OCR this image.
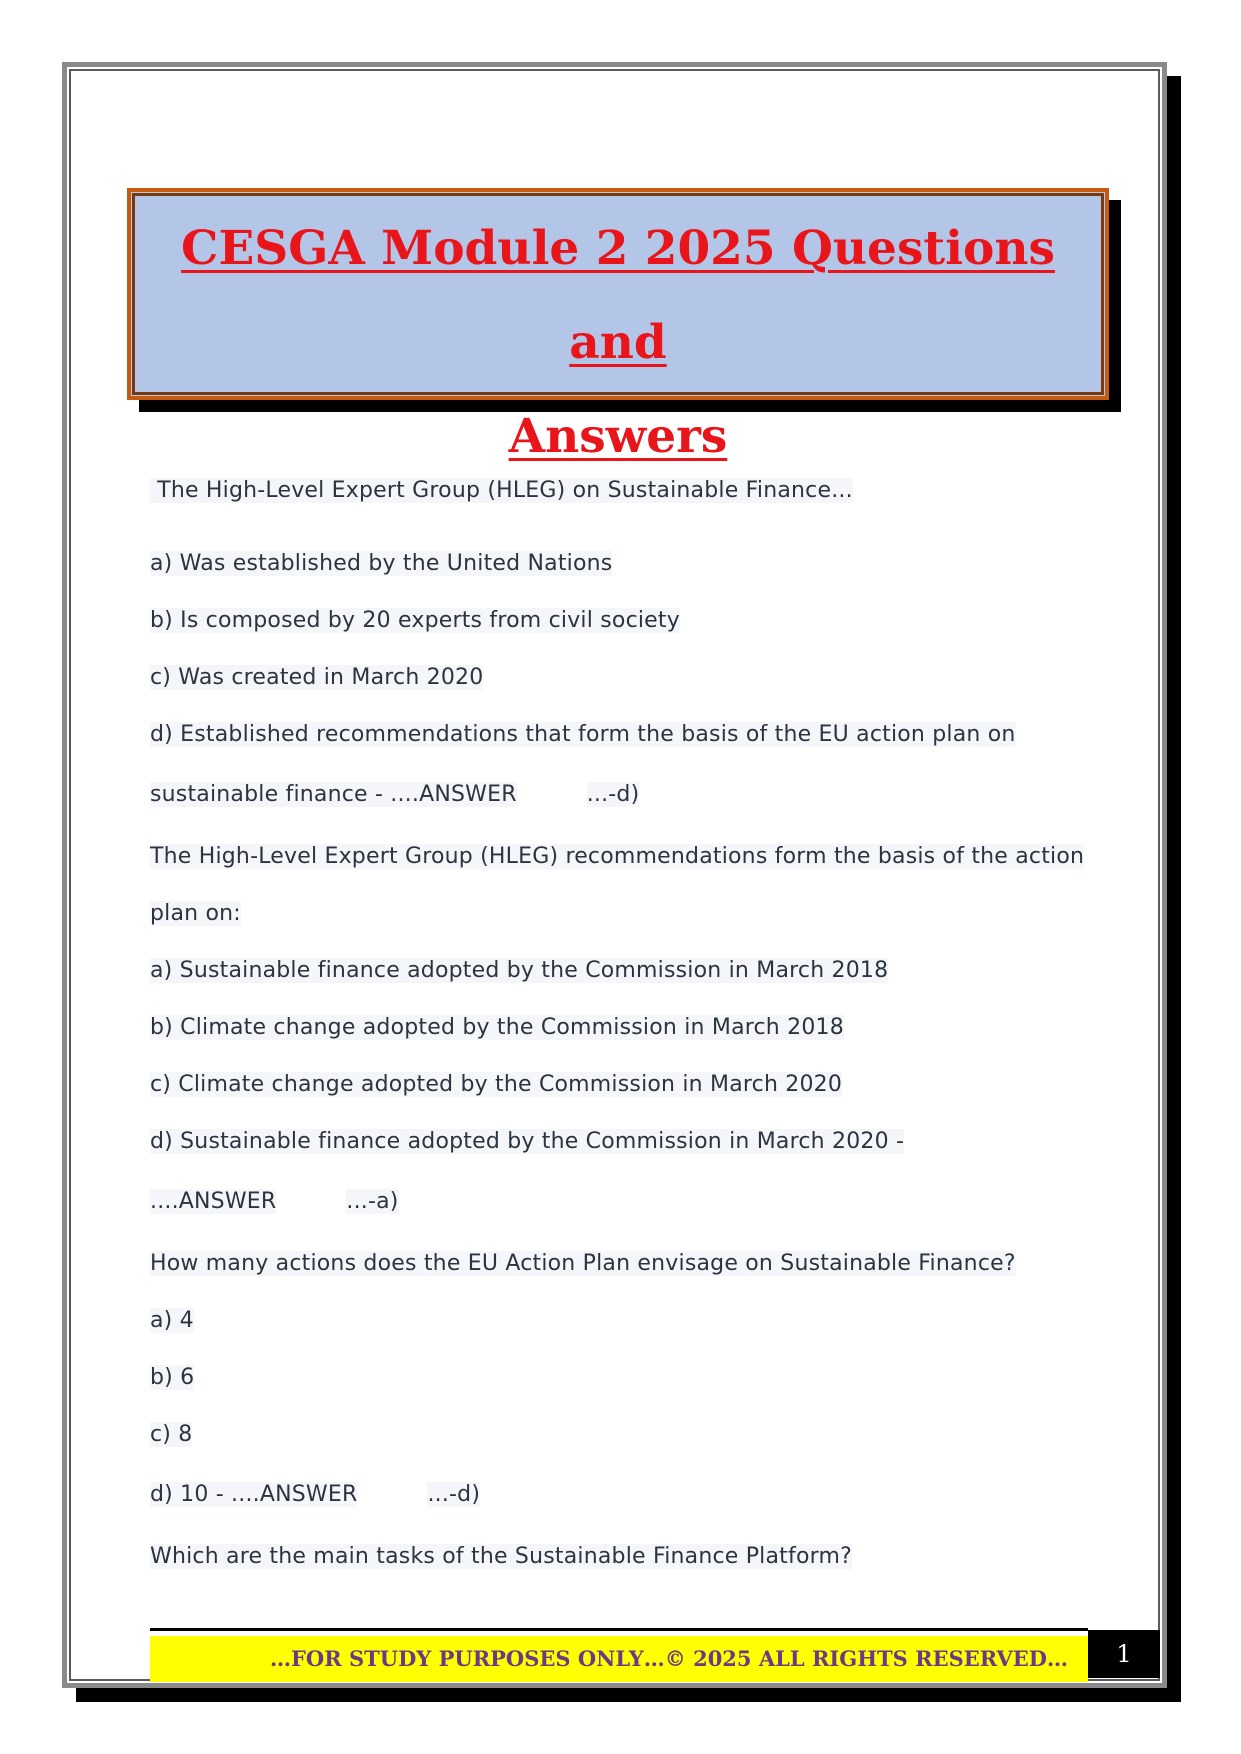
CESGA Module 2 2025 Questions and
Answers
The High-Level Expert Group (HLEG) on Sustainable Finance...
a) Was established by the United Nations
b) Is composed by 20 experts from civil society
c) Was created in March 2020
d) Established recommendations that form the basis of the EU action plan on
sustainable finance - ....ANSWER	...-d)
The High-Level Expert Group (HLEG) recommendations form the basis of the action
plan on:
a) Sustainable finance adopted by the Commission in March 2018
b) Climate change adopted by the Commission in March 2018
c) Climate change adopted by the Commission in March 2020
d) Sustainable finance adopted by the Commission in March 2020 -
....ANSWER	...-a)
How many actions does the EU Action Plan envisage on Sustainable Finance?
a) 4
b) 6
c) 8
d) 10 - ....ANSWER	...-d)
Which are the main tasks of the Sustainable Finance Platform?
…FOR STUDY PURPOSES ONLY…© 2025 ALL RIGHTS RESERVED…	1
